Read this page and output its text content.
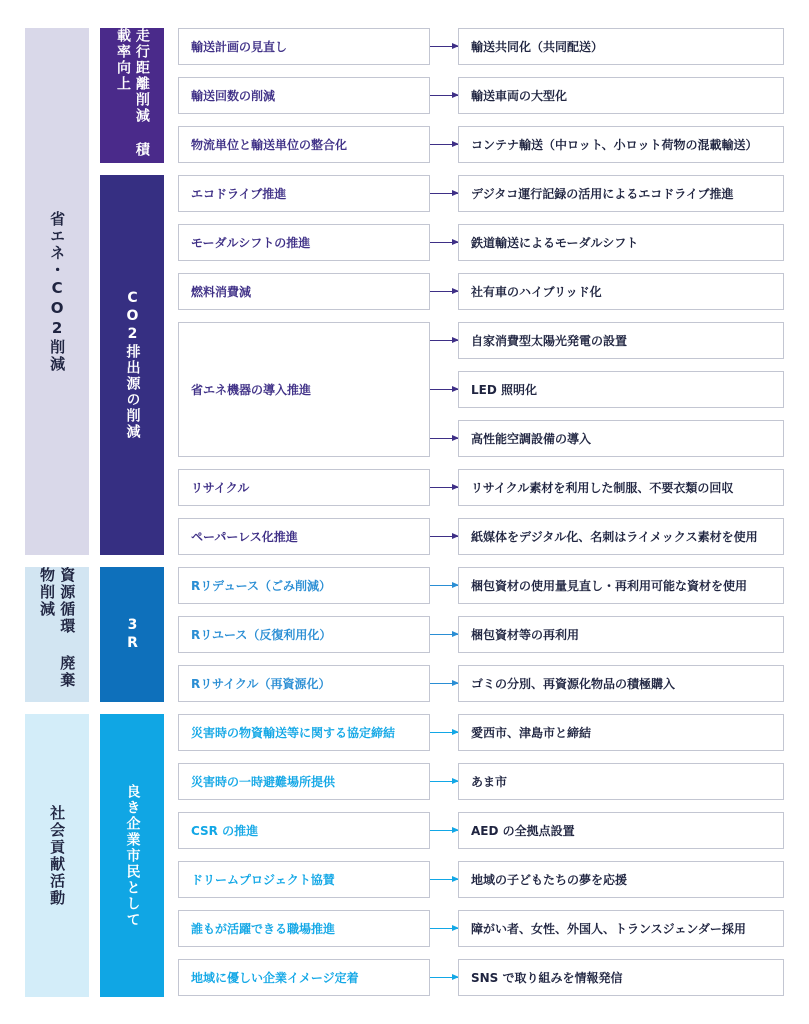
省エネ・CO2削減
資源循環 廃棄物削減
社会貢献活動
走行距離削減 積載率向上
CO2排出源の削減
3R
良き企業市民として
輸送計画の見直し
輸送回数の削減
物流単位と輸送単位の整合化
エコドライブ推進
モーダルシフトの推進
燃料消費減
省エネ機器の導入推進
リサイクル
ペーパーレス化推進
Rリデュース（ごみ削減）
Rリユース（反復利用化）
Rリサイクル（再資源化）
災害時の物資輸送等に関する協定締結
災害時の一時避難場所提供
CSR の推進
ドリームプロジェクト協賛
誰もが活躍できる職場推進
地域に優しい企業イメージ定着
輸送共同化（共同配送）
輸送車両の大型化
コンテナ輸送（中ロット、小ロット荷物の混載輸送）
デジタコ運行記録の活用によるエコドライブ推進
鉄道輸送によるモーダルシフト
社有車のハイブリッド化
自家消費型太陽光発電の設置
LED 照明化
高性能空調設備の導入
リサイクル素材を利用した制服、不要衣類の回収
紙媒体をデジタル化、名刺はライメックス素材を使用
梱包資材の使用量見直し・再利用可能な資材を使用
梱包資材等の再利用
ゴミの分別、再資源化物品の積極購入
愛西市、津島市と締結
あま市
AED の全拠点設置
地域の子どもたちの夢を応援
障がい者、女性、外国人、トランスジェンダー採用
SNS で取り組みを情報発信
